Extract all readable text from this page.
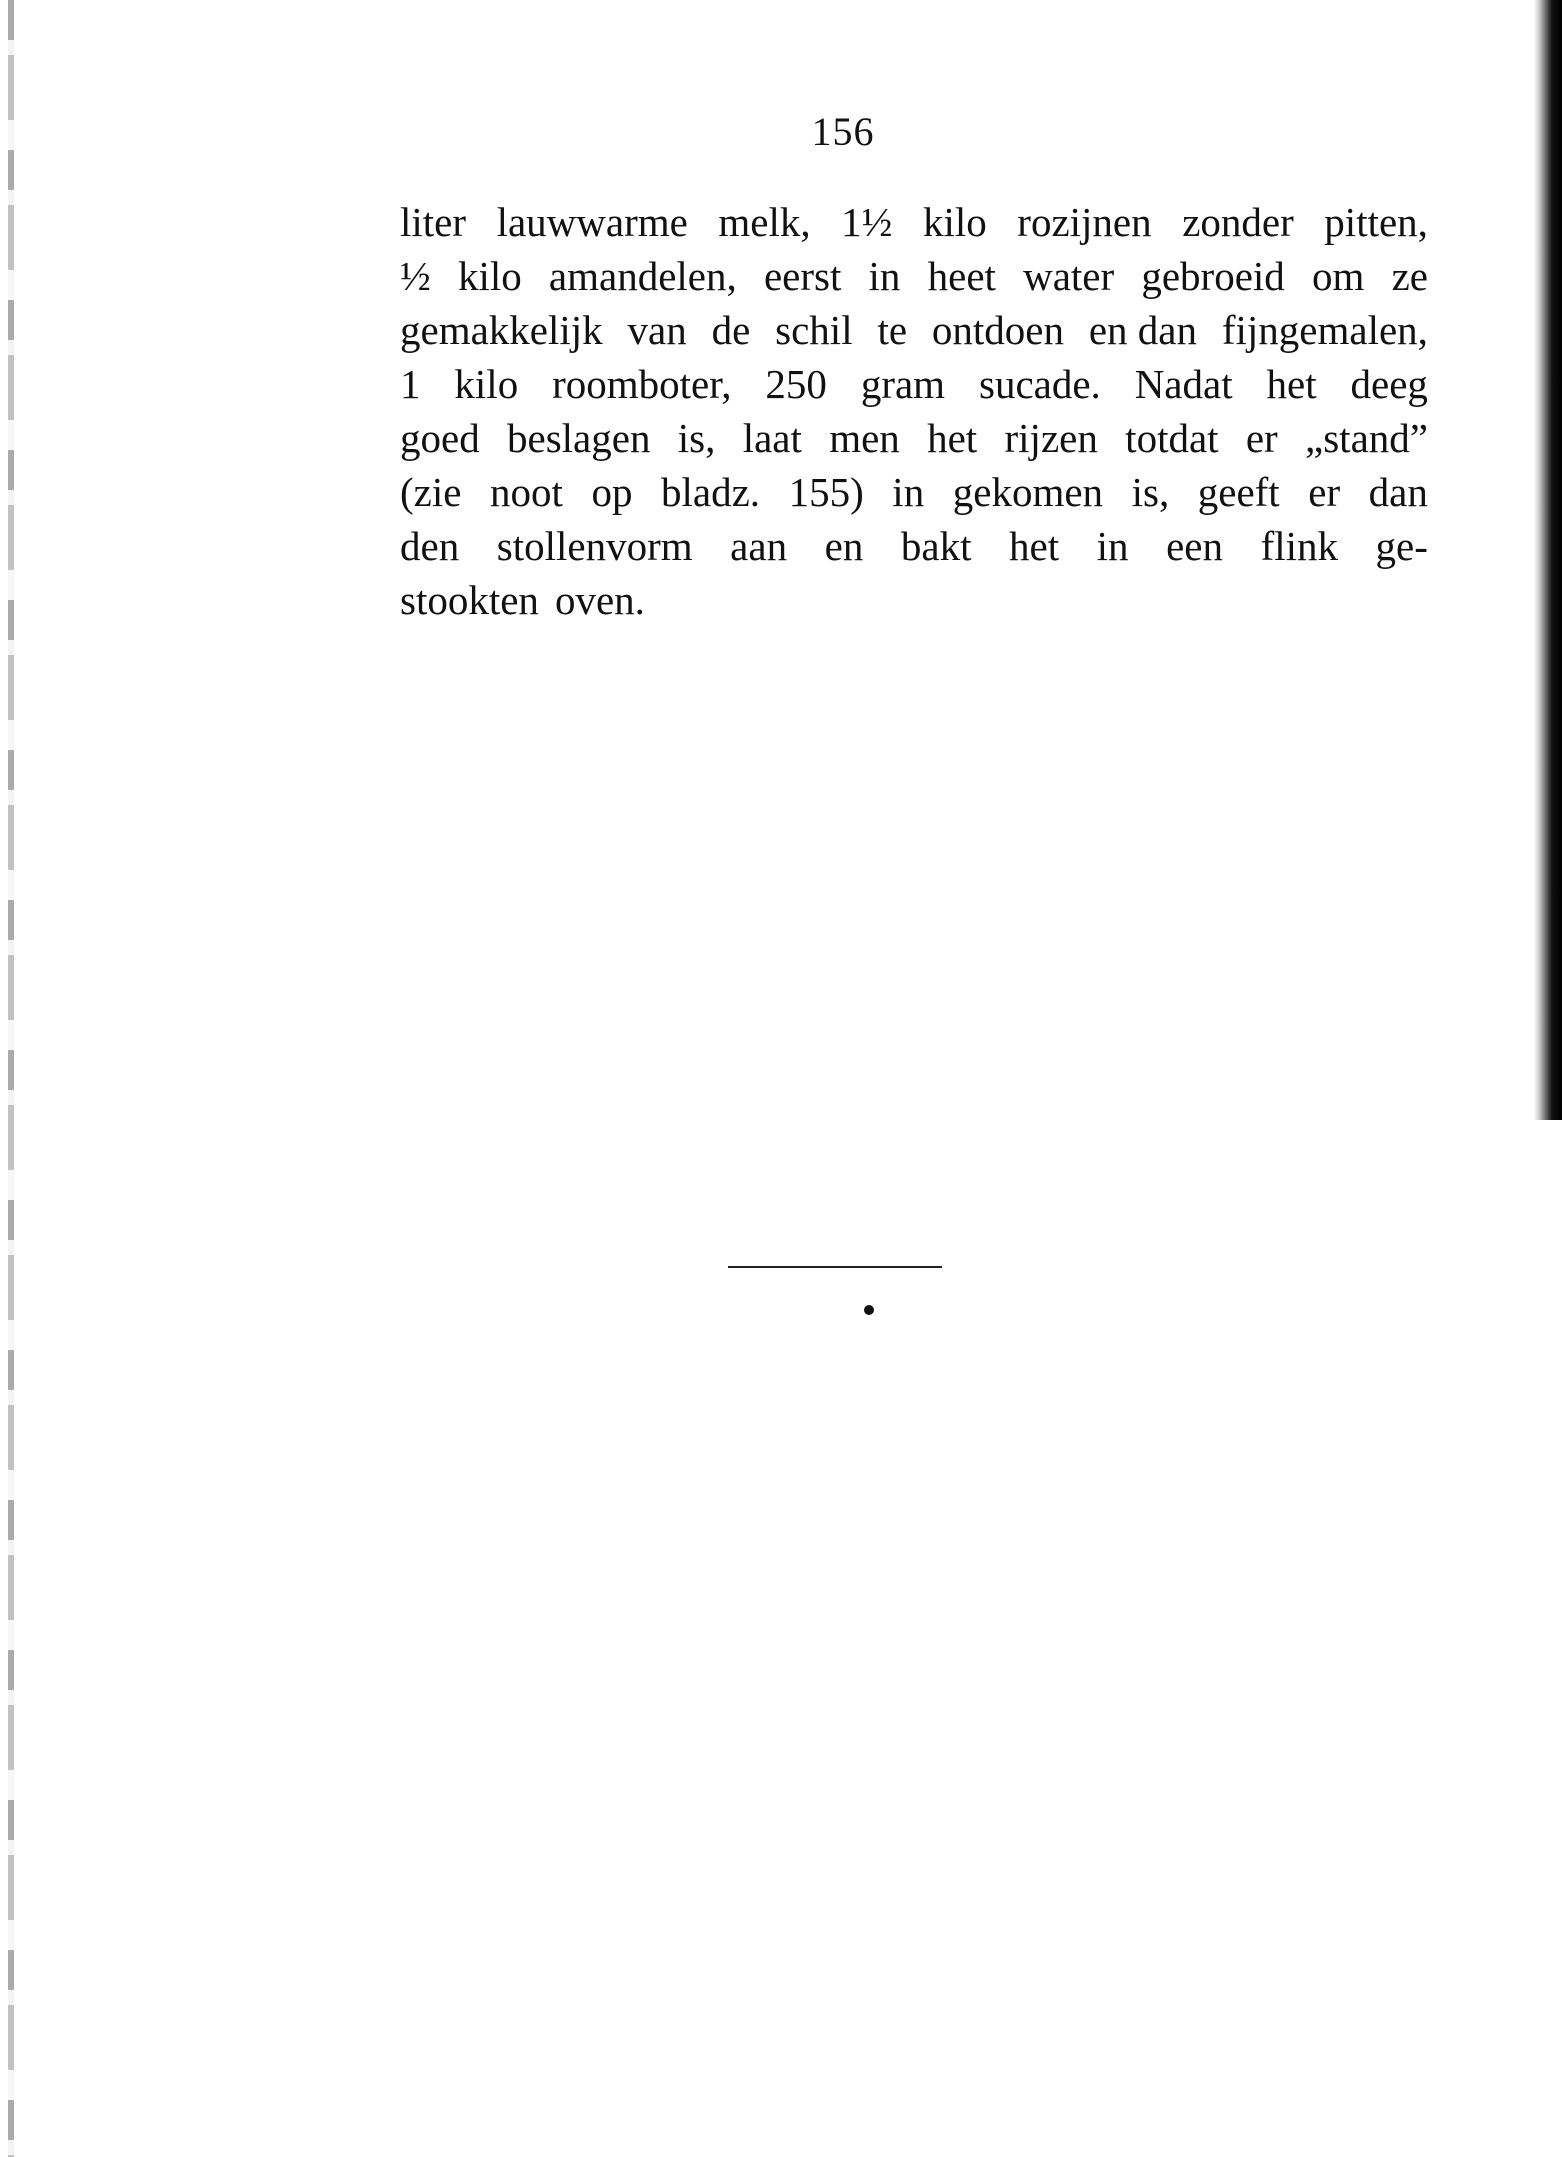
156
liter lauwwarme melk, 1½ kilo rozijnen zonder pitten,
½ kilo amandelen, eerst in heet water gebroeid om ze
gemakkelijk van de schil te ontdoen en dan fijngemalen,
1 kilo roomboter, 250 gram sucade. Nadat het deeg
goed beslagen is, laat men het rijzen totdat er „stand”
(zie noot op bladz. 155) in gekomen is, geeft er dan
den stollenvorm aan en bakt het in een flink ge-
stookten oven.
